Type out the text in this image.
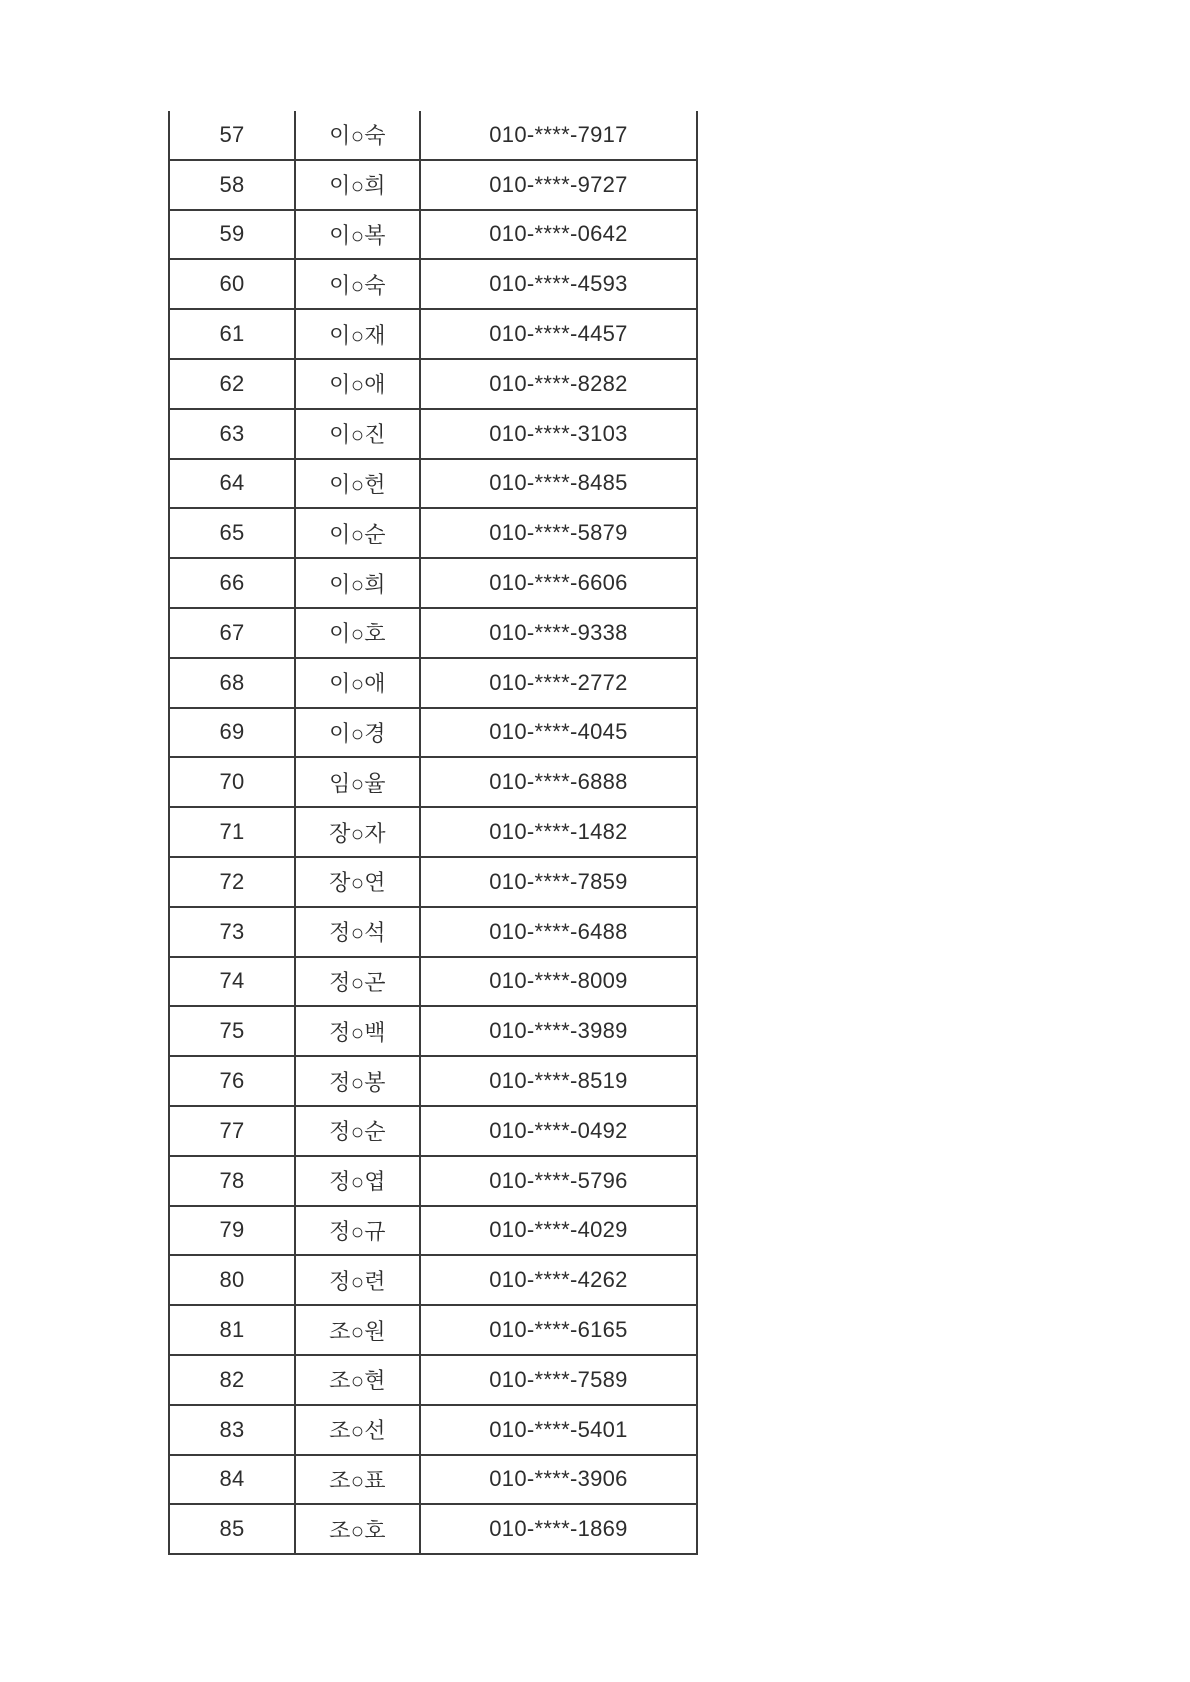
57	이○숙	010-****-7917
58	이○희	010-****-9727
59	이○복	010-****-0642
60	이○숙	010-****-4593
61	이○재	010-****-4457
62	이○애	010-****-8282
63	이○진	010-****-3103
64	이○헌	010-****-8485
65	이○순	010-****-5879
66	이○희	010-****-6606
67	이○호	010-****-9338
68	이○애	010-****-2772
69	이○경	010-****-4045
70	임○율	010-****-6888
71	장○자	010-****-1482
72	장○연	010-****-7859
73	정○석	010-****-6488
74	정○곤	010-****-8009
75	정○백	010-****-3989
76	정○봉	010-****-8519
77	정○순	010-****-0492
78	정○엽	010-****-5796
79	정○규	010-****-4029
80	정○련	010-****-4262
81	조○원	010-****-6165
82	조○현	010-****-7589
83	조○선	010-****-5401
84	조○표	010-****-3906
85	조○호	010-****-1869
